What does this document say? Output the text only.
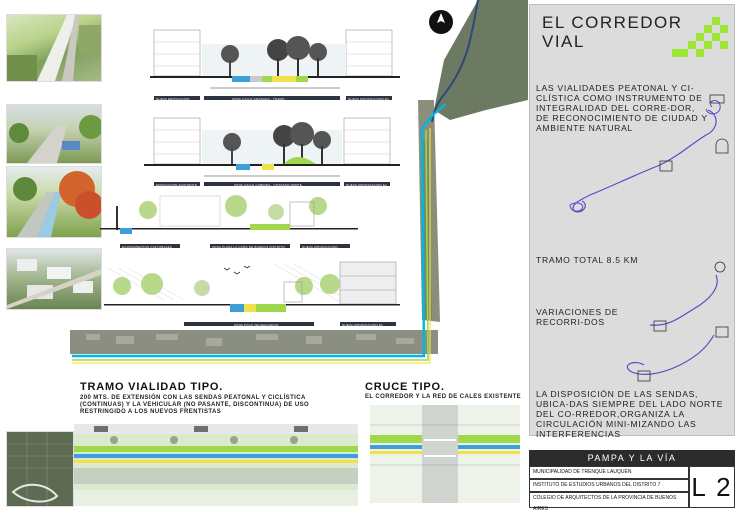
NUEVA EDIFICACION	ZONA CALLE GRANADA - TRAMO	NUEVA ZONIFICACION E1
EDIFICACION EXISTENTE	ZONA CALLE CUBRIDA - COSTADO NORTE	NUEVA ZONIFICACION E1
EQUIPAMIENTOS CULTURALES	ZONA PLAZA LA CAÑO DE BUENOS DISTRITO	NUEVA ZONIFICACION
ZONA POLO TECNOLOGICO	NUEVA ZONIFICACION E1
TRAMO VIALIDAD TIPO.
200 MTS. DE EXTENSIÓN CON LAS SENDAS PEATONAL Y CICLÍSTICA (CONTINUAS) Y LA VEHICULAR (NO PASANTE, DISCONTINUA) DE USO RESTRINGIDO A LOS NUEVOS FRENTISTAS
CRUCE TIPO.
EL CORREDOR Y LA RED DE CALES EXISTENTE
EL CORREDOR
VIAL
LAS VIALIDADES PEATONAL Y CI-CLÍSTICA COMO INSTRUMENTO DE INTEGRALIDAD DEL CORRE-DOR, DE RECONOCIMIENTO DE CIUDAD Y AMBIENTE NATURAL
TRAMO TOTAL 8.5 KM
VARIACIONES DE RECORRI-DOS
LA DISPOSICIÓN DE LAS SENDAS, UBICA-DAS SIEMPRE DEL LADO NORTE DEL CO-RREDOR,ORGANIZA LA CIRCULACIÓN MINI-MIZANDO LAS INTERFERENCIAS
PAMPA Y LA VÍA
MUNICIPALIDAD DE TRENQUE LAUQUEN
INSTITUTO DE ESTUDIOS URBANOS DEL DISTRITO 7
COLEGIO DE ARQUITECTOS DE LA PROVINCIA DE BUENOS AIRES
L 2
